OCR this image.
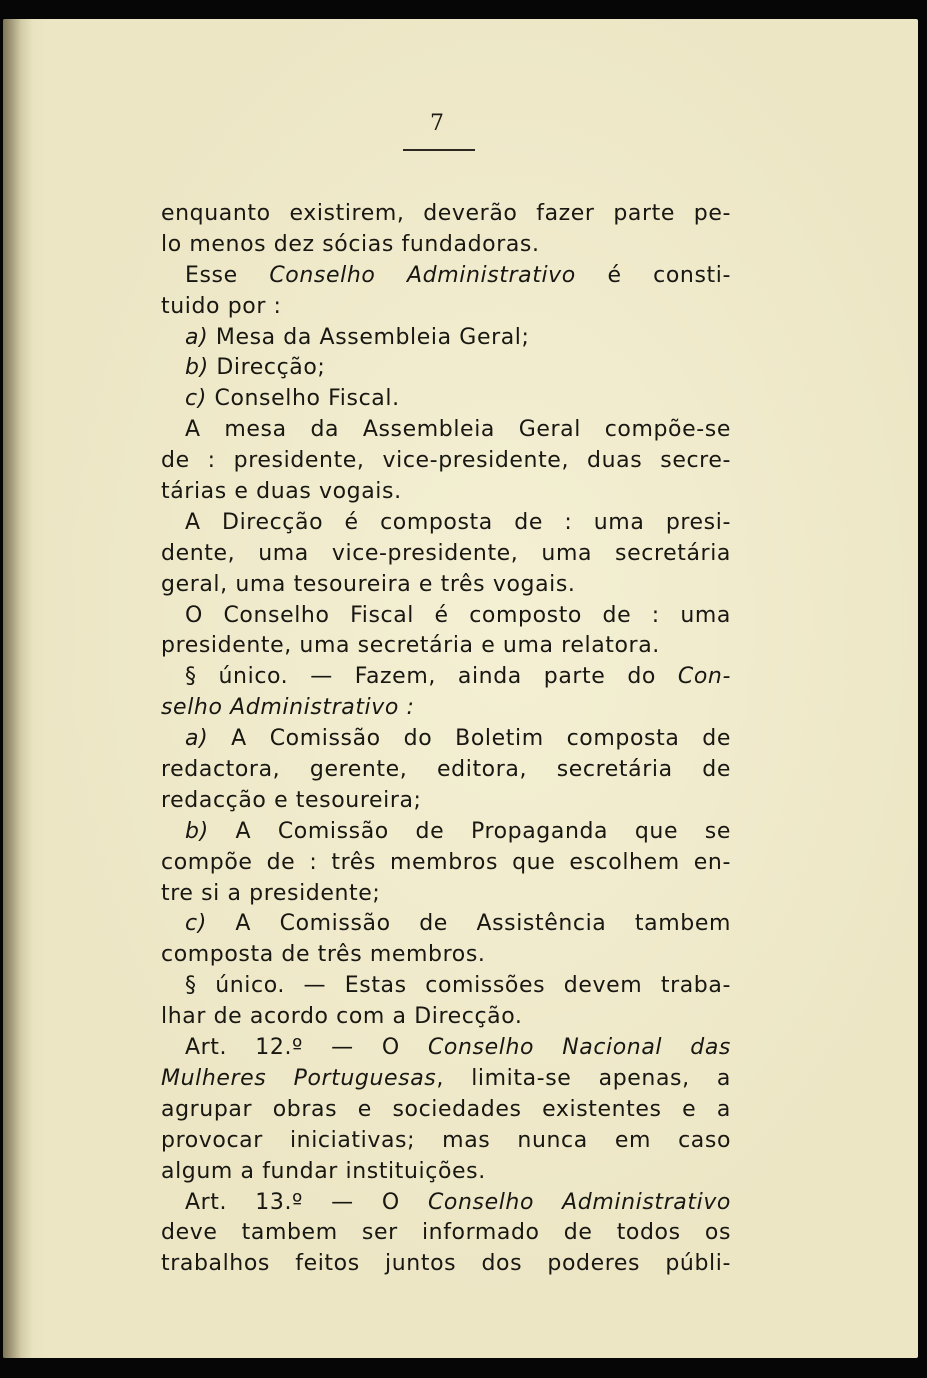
7
enquanto existirem, deverão fazer parte pe-
lo menos dez sócias fundadoras.
Esse Conselho Administrativo é consti-
tuido por :
a) Mesa da Assembleia Geral;
b) Direcção;
c) Conselho Fiscal.
A mesa da Assembleia Geral compõe-se
de : presidente, vice-presidente, duas secre-
tárias e duas vogais.
A Direcção é composta de : uma presi-
dente, uma vice-presidente, uma secretária
geral, uma tesoureira e três vogais.
O Conselho Fiscal é composto de : uma
presidente, uma secretária e uma relatora.
§ único. — Fazem, ainda parte do Con-
selho Administrativo :
a) A Comissão do Boletim composta de
redactora, gerente, editora, secretária de
redacção e tesoureira;
b) A Comissão de Propaganda que se
compõe de : três membros que escolhem en-
tre si a presidente;
c) A Comissão de Assistência tambem
composta de três membros.
§ único. — Estas comissões devem traba-
lhar de acordo com a Direcção.
Art. 12.º — O Conselho Nacional das
Mulheres Portuguesas, limita-se apenas, a
agrupar obras e sociedades existentes e a
provocar iniciativas; mas nunca em caso
algum a fundar instituições.
Art. 13.º — O Conselho Administrativo
deve tambem ser informado de todos os
trabalhos feitos juntos dos poderes públi-
